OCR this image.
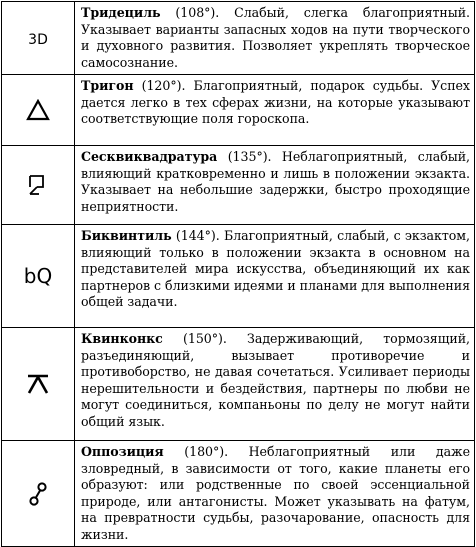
3D	Тридециль (108°). Слабый, слегка благоприятный. Указывает варианты запасных ходов на пути творческого и духовного развития. Позволяет укреплять творческое самосознание.

	Тригон (120°). Благоприятный, подарок судьбы. Успех дается легко в тех сферах жизни, на которые указывают соответствующие поля гороскопа.

	Сесквиквадратура (135°). Неблагоприятный, слабый, влияющий кратковременно и лишь в положении экзакта. Указывает на небольшие задержки, быстро проходящие неприятности.
bQ	Биквинтиль (144°). Благоприятный, слабый, с экзактом, влияющий только в положении экзакта в основном на представителей мира искусства, объединяющий их как партнеров с близкими идеями и планами для выполнения общей задачи.

	Квинконкс (150°). Задерживающий, тормозящий, разъединяющий, вызывает противоречие и противоборство, не давая сочетаться. Усиливает периоды нерешительности и бездействия, партнеры по любви не могут соединиться, компаньоны по делу не могут найти общий язык.

	Оппозиция (180°). Неблагоприятный или даже зловредный, в зависимости от того, какие планеты его образуют: или родственные по своей эссенциальной природе, или антагонисты. Может указывать на фатум, на превратности судьбы, разочарование, опасность для жизни.
